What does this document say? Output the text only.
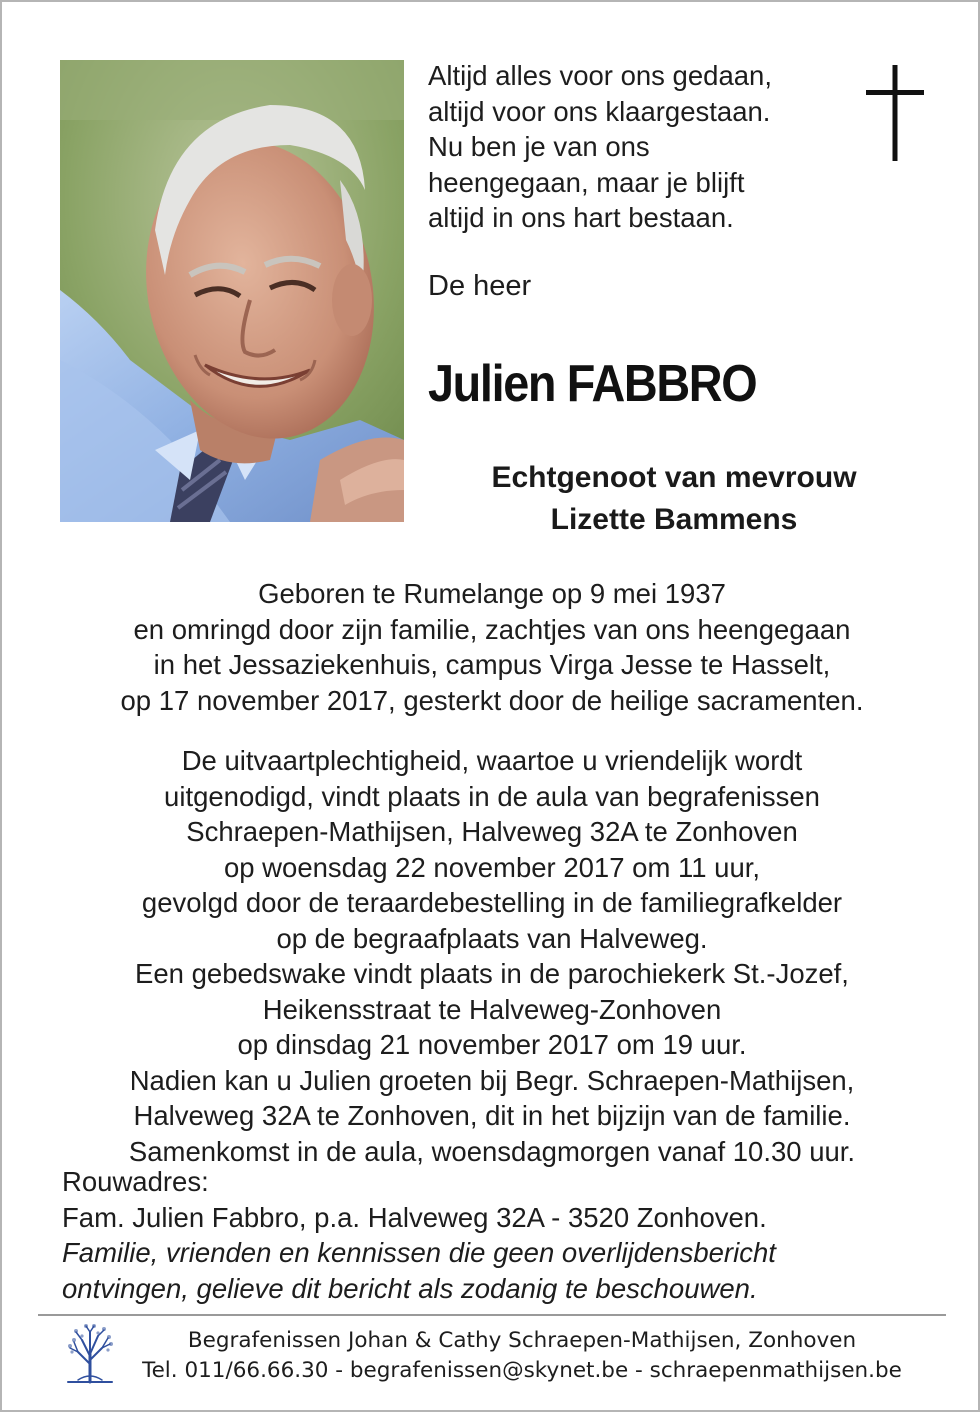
Altijd alles voor ons gedaan,
altijd voor ons klaargestaan.
Nu ben je van ons
heengegaan, maar je blijft
altijd in ons hart bestaan.
De heer
Julien FABBRO
Echtgenoot van mevrouw
Lizette Bammens
Geboren te Rumelange op 9 mei 1937
en omringd door zijn familie, zachtjes van ons heengegaan
in het Jessaziekenhuis, campus Virga Jesse te Hasselt,
op 17 november 2017, gesterkt door de heilige sacramenten.
De uitvaartplechtigheid, waartoe u vriendelijk wordt
uitgenodigd, vindt plaats in de aula van begrafenissen
Schraepen-Mathijsen, Halveweg 32A te Zonhoven
op woensdag 22 november 2017 om 11 uur,
gevolgd door de teraardebestelling in de familiegrafkelder
op de begraafplaats van Halveweg.
Een gebedswake vindt plaats in de parochiekerk St.-Jozef,
Heikensstraat te Halveweg-Zonhoven
op dinsdag 21 november 2017 om 19 uur.
Nadien kan u Julien groeten bij Begr. Schraepen-Mathijsen,
Halveweg 32A te Zonhoven, dit in het bijzijn van de familie.
Samenkomst in de aula, woensdagmorgen vanaf 10.30 uur.
Rouwadres:
Fam. Julien Fabbro, p.a. Halveweg 32A - 3520 Zonhoven.
Familie, vrienden en kennissen die geen overlijdensbericht
ontvingen, gelieve dit bericht als zodanig te beschouwen.
Begrafenissen Johan & Cathy Schraepen-Mathijsen, Zonhoven
Tel. 011/66.66.30 - begrafenissen@skynet.be - schraepenmathijsen.be
